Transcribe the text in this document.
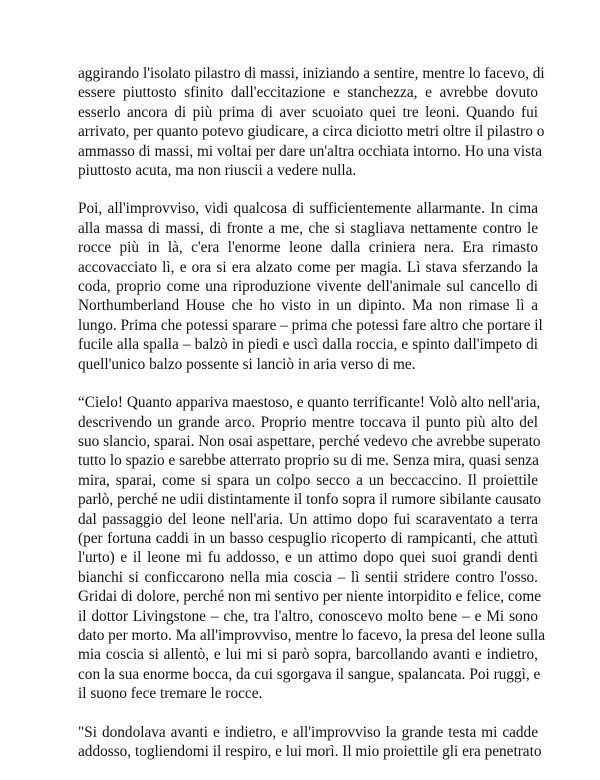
aggirando l'isolato pilastro di massi, iniziando a sentire, mentre lo facevo, di
essere piuttosto sfinito dall'eccitazione e stanchezza, e avrebbe dovuto
esserlo ancora di più prima di aver scuoiato quei tre leoni. Quando fui
arrivato, per quanto potevo giudicare, a circa diciotto metri oltre il pilastro o
ammasso di massi, mi voltai per dare un'altra occhiata intorno. Ho una vista
piuttosto acuta, ma non riuscii a vedere nulla.

Poi, all'improvviso, vidi qualcosa di sufficientemente allarmante. In cima
alla massa di massi, di fronte a me, che si stagliava nettamente contro le
rocce più in là, c'era l'enorme leone dalla criniera nera. Era rimasto
accovacciato lì, e ora si era alzato come per magia. Lì stava sferzando la
coda, proprio come una riproduzione vivente dell'animale sul cancello di
Northumberland House che ho visto in un dipinto. Ma non rimase lì a
lungo. Prima che potessi sparare – prima che potessi fare altro che portare il
fucile alla spalla – balzò in piedi e uscì dalla roccia, e spinto dall'impeto di
quell'unico balzo possente si lanciò in aria verso di me.

“Cielo! Quanto appariva maestoso, e quanto terrificante! Volò alto nell'aria,
descrivendo un grande arco. Proprio mentre toccava il punto più alto del
suo slancio, sparai. Non osai aspettare, perché vedevo che avrebbe superato
tutto lo spazio e sarebbe atterrato proprio su di me. Senza mira, quasi senza
mira, sparai, come si spara un colpo secco a un beccaccino. Il proiettile
parlò, perché ne udii distintamente il tonfo sopra il rumore sibilante causato
dal passaggio del leone nell'aria. Un attimo dopo fui scaraventato a terra
(per fortuna caddi in un basso cespuglio ricoperto di rampicanti, che attutì
l'urto) e il leone mi fu addosso, e un attimo dopo quei suoi grandi denti
bianchi si conficcarono nella mia coscia – lì sentii stridere contro l'osso.
Gridai di dolore, perché non mi sentivo per niente intorpidito e felice, come
il dottor Livingstone – che, tra l'altro, conoscevo molto bene – e Mi sono
dato per morto. Ma all'improvviso, mentre lo facevo, la presa del leone sulla
mia coscia si allentò, e lui mi si parò sopra, barcollando avanti e indietro,
con la sua enorme bocca, da cui sgorgava il sangue, spalancata. Poi ruggì, e
il suono fece tremare le rocce.

"Si dondolava avanti e indietro, e all'improvviso la grande testa mi cadde
addosso, togliendomi il respiro, e lui morì. Il mio proiettile gli era penetrato
